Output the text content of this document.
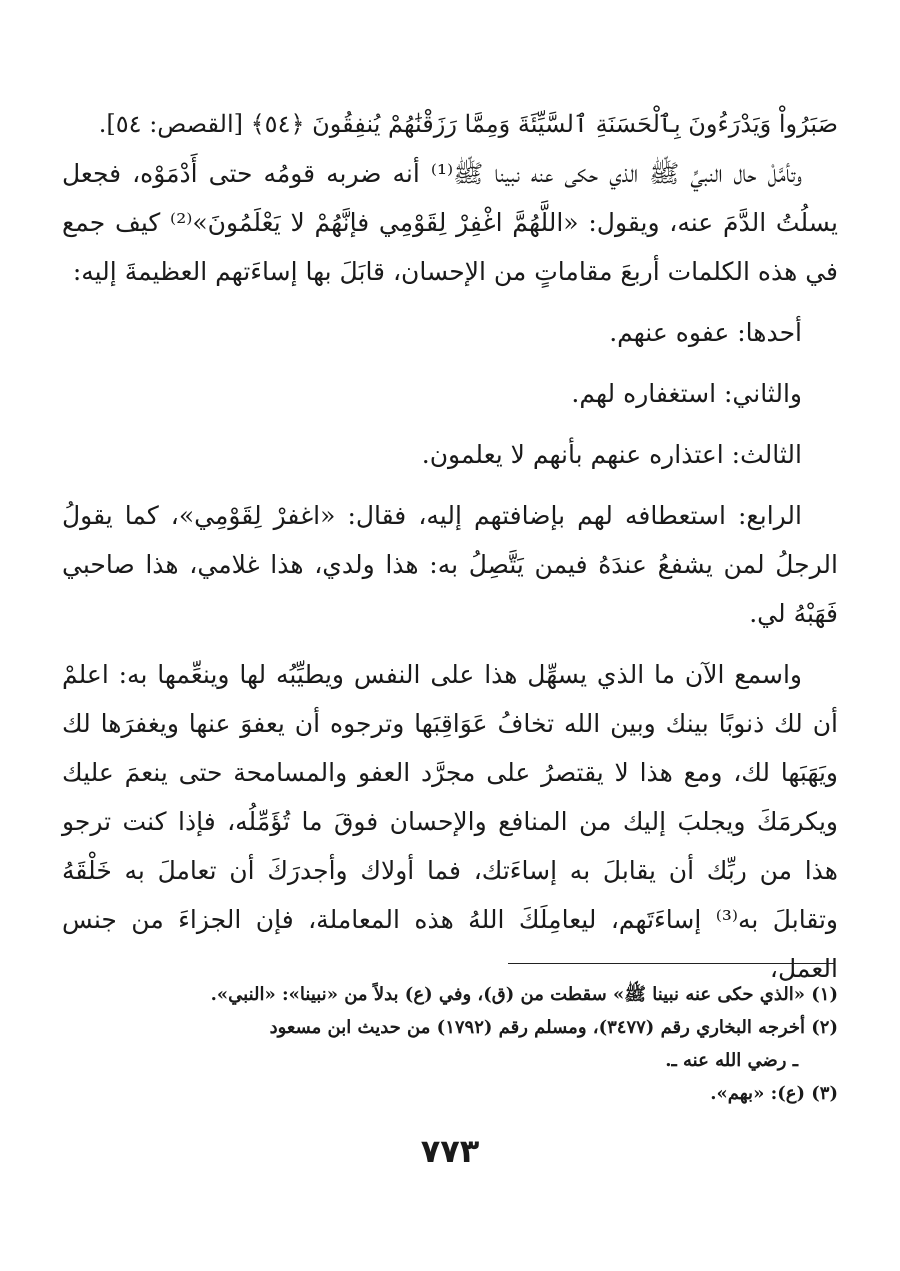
صَبَرُواْ وَيَدْرَءُونَ بِٱلْحَسَنَةِ ٱلسَّيِّئَةَ وَمِمَّا رَزَقْنَٰهُمْ يُنفِقُونَ ﴿٥٤﴾ [القصص: ٥٤].

وتأمَّلْ حال النبيِّ ﷺ الذي حكى عنه نبينا ﷺ⁽¹⁾ أنه ضربه قومُه حتى أَدْمَوْه، فجعل يسلُتُ الدَّمَ عنه، ويقول: «اللَّهُمَّ اغْفِرْ لِقَوْمِي فإنَّهُمْ لا يَعْلَمُونَ»⁽²⁾ كيف جمع في هذه الكلمات أربعَ مقاماتٍ من الإحسان، قابَلَ بها إساءَتهم العظيمةَ إليه:

أحدها: عفوه عنهم.

والثاني: استغفاره لهم.

الثالث: اعتذاره عنهم بأنهم لا يعلمون.

الرابع: استعطافه لهم بإضافتهم إليه، فقال: «اغفرْ لِقَوْمِي»، كما يقولُ الرجلُ لمن يشفعُ عندَهُ فيمن يَتَّصِلُ به: هذا ولدي، هذا غلامي، هذا صاحبي فَهَبْهُ لي.

واسمع الآن ما الذي يسهِّل هذا على النفس ويطيِّبُه لها وينعِّمها به: اعلمْ أن لك ذنوبًا بينك وبين الله تخافُ عَوَاقِبَها وترجوه أن يعفوَ عنها ويغفرَها لك ويَهَبَها لك، ومع هذا لا يقتصرُ على مجرَّد العفو والمسامحة حتى ينعمَ عليك ويكرمَكَ ويجلبَ إليك من المنافع والإحسان فوقَ ما تُؤَمِّلُه، فإذا كنت ترجو هذا من ربِّك أن يقابلَ به إساءَتك، فما أولاك وأجدرَكَ أن تعاملَ به خَلْقَهُ وتقابلَ به⁽³⁾ إساءَتَهم، ليعامِلَكَ اللهُ هذه المعاملة، فإن الجزاءَ من جنس العمل،

(١) «الذي حكى عنه نبينا ﷺ» سقطت من (ق)، وفي (ع) بدلاً من «نبينا»: «النبي».

(٢) أخرجه البخاري رقم (٣٤٧٧)، ومسلم رقم (١٧٩٢) من حديث ابن مسعود

ـ رضي الله عنه ـ.

(٣) (ع): «بهم».

٧٧٣
